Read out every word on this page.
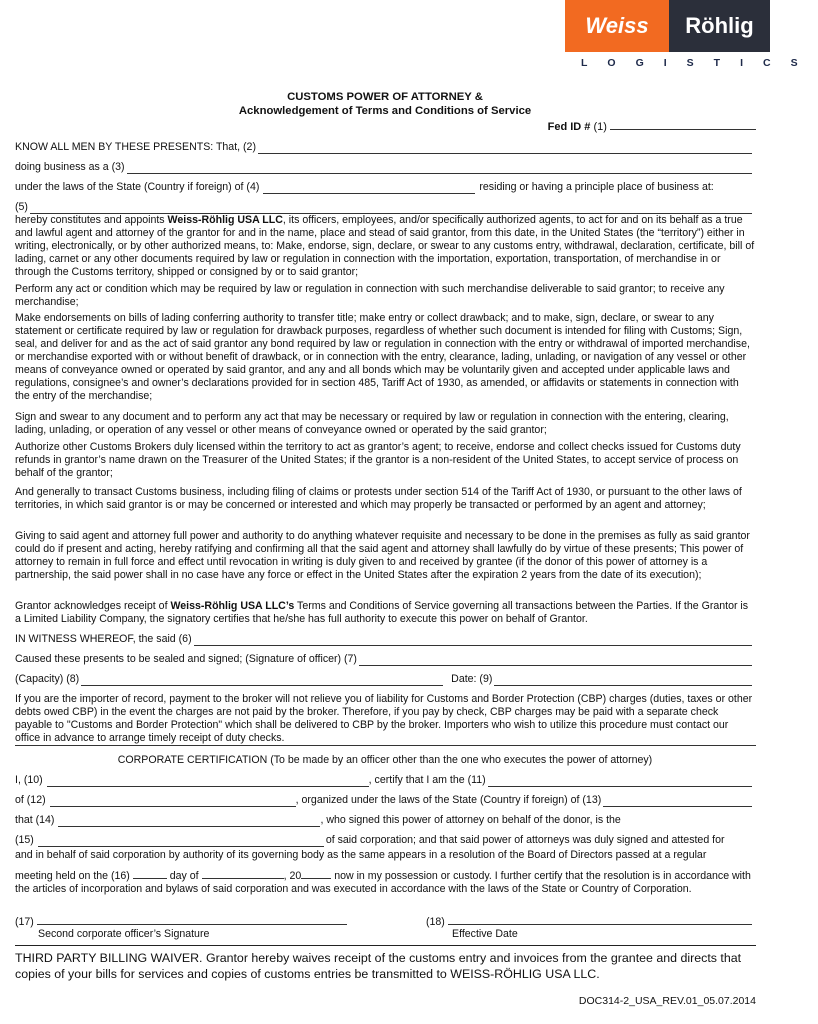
Weiss	Röhlig
LOGISTICS
CUSTOMS POWER OF ATTORNEY &
Acknowledgement of Terms and Conditions of Service
Fed ID # (1)
KNOW ALL MEN BY THESE PRESENTS: That, (2)
doing business as a (3)
under the laws of the State (Country if foreign) of (4)	residing or having a principle place of business at:
(5)
hereby constitutes and appoints Weiss-Röhlig USA LLC, its officers, employees, and/or specifically authorized agents, to act for and on its behalf as a true and lawful agent and attorney of the grantor for and in the name, place and stead of said grantor, from this date, in the United States (the “territory”) either in writing, electronically, or by other authorized means, to: Make, endorse, sign, declare, or swear to any customs entry, withdrawal, declaration, certificate, bill of lading, carnet or any other documents required by law or regulation in connection with the importation, exportation, transportation, of merchandise in or through the Customs territory, shipped or consigned by or to said grantor;
Perform any act or condition which may be required by law or regulation in connection with such merchandise deliverable to said grantor; to receive any merchandise;
Make endorsements on bills of lading conferring authority to transfer title; make entry or collect drawback; and to make, sign, declare, or swear to any statement or certificate required by law or regulation for drawback purposes, regardless of whether such document is intended for filing with Customs; Sign, seal, and deliver for and as the act of said grantor any bond required by law or regulation in connection with the entry or withdrawal of imported merchandise, or merchandise exported with or without benefit of drawback, or in connection with the entry, clearance, lading, unlading, or navigation of any vessel or other means of conveyance owned or operated by said grantor, and any and all bonds which may be voluntarily given and accepted under applicable laws and regulations, consignee’s and owner’s declarations provided for in section 485, Tariff Act of 1930, as amended, or affidavits or statements in connection with the entry of the merchandise;
Sign and swear to any document and to perform any act that may be necessary or required by law or regulation in connection with the entering, clearing, lading, unlading, or operation of any vessel or other means of conveyance owned or operated by the said grantor;
Authorize other Customs Brokers duly licensed within the territory to act as grantor’s agent; to receive, endorse and collect checks issued for Customs duty refunds in grantor’s name drawn on the Treasurer of the United States; if the grantor is a non-resident of the United States, to accept service of process on behalf of the grantor;
And generally to transact Customs business, including filing of claims or protests under section 514 of the Tariff Act of 1930, or pursuant to the other laws of territories, in which said grantor is or may be concerned or interested and which may properly be transacted or performed by an agent and attorney;
Giving to said agent and attorney full power and authority to do anything whatever requisite and necessary to be done in the premises as fully as said grantor could do if present and acting, hereby ratifying and confirming all that the said agent and attorney shall lawfully do by virtue of these presents; This power of attorney to remain in full force and effect until revocation in writing is duly given to and received by grantee (if the donor of this power of attorney is a partnership, the said power shall in no case have any force or effect in the United States after the expiration 2 years from the date of its execution);
Grantor acknowledges receipt of Weiss-Röhlig USA LLC’s Terms and Conditions of Service governing all transactions between the Parties. If the Grantor is a Limited Liability Company, the signatory certifies that he/she has full authority to execute this power on behalf of Grantor.
IN WITNESS WHEREOF, the said (6)
Caused these presents to be sealed and signed; (Signature of officer) (7)
(Capacity) (8)	Date: (9)
If you are the importer of record, payment to the broker will not relieve you of liability for Customs and Border Protection (CBP) charges (duties, taxes or other debts owed CBP) in the event the charges are not paid by the broker. Therefore, if you pay by check, CBP charges may be paid with a separate check payable to "Customs and Border Protection" which shall be delivered to CBP by the broker. Importers who wish to utilize this procedure must contact our office in advance to arrange timely receipt of duty checks.
CORPORATE CERTIFICATION (To be made by an officer other than the one who executes the power of attorney)
I, (10)	, certify that I am the (11)
of (12)	, organized under the laws of the State (Country if foreign) of (13)
that (14)	, who signed this power of attorney on behalf of the donor, is the
(15)	of said corporation; and that said power of attorneys was duly signed and attested for
and in behalf of said corporation by authority of its governing body as the same appears in a resolution of the Board of Directors passed at a regular
meeting held on the (16)	day of	, 20	now in my possession or custody. I further certify that the resolution is in accordance with the articles of incorporation and bylaws of said corporation and was executed in accordance with the laws of the State or Country of Corporation.
(17)
Second corporate officer’s Signature
(18)
Effective Date
THIRD PARTY BILLING WAIVER. Grantor hereby waives receipt of the customs entry and invoices from the grantee and directs that copies of your bills for services and copies of customs entries be transmitted to WEISS-RÖHLIG USA LLC.
DOC314-2_USA_REV.01_05.07.2014
